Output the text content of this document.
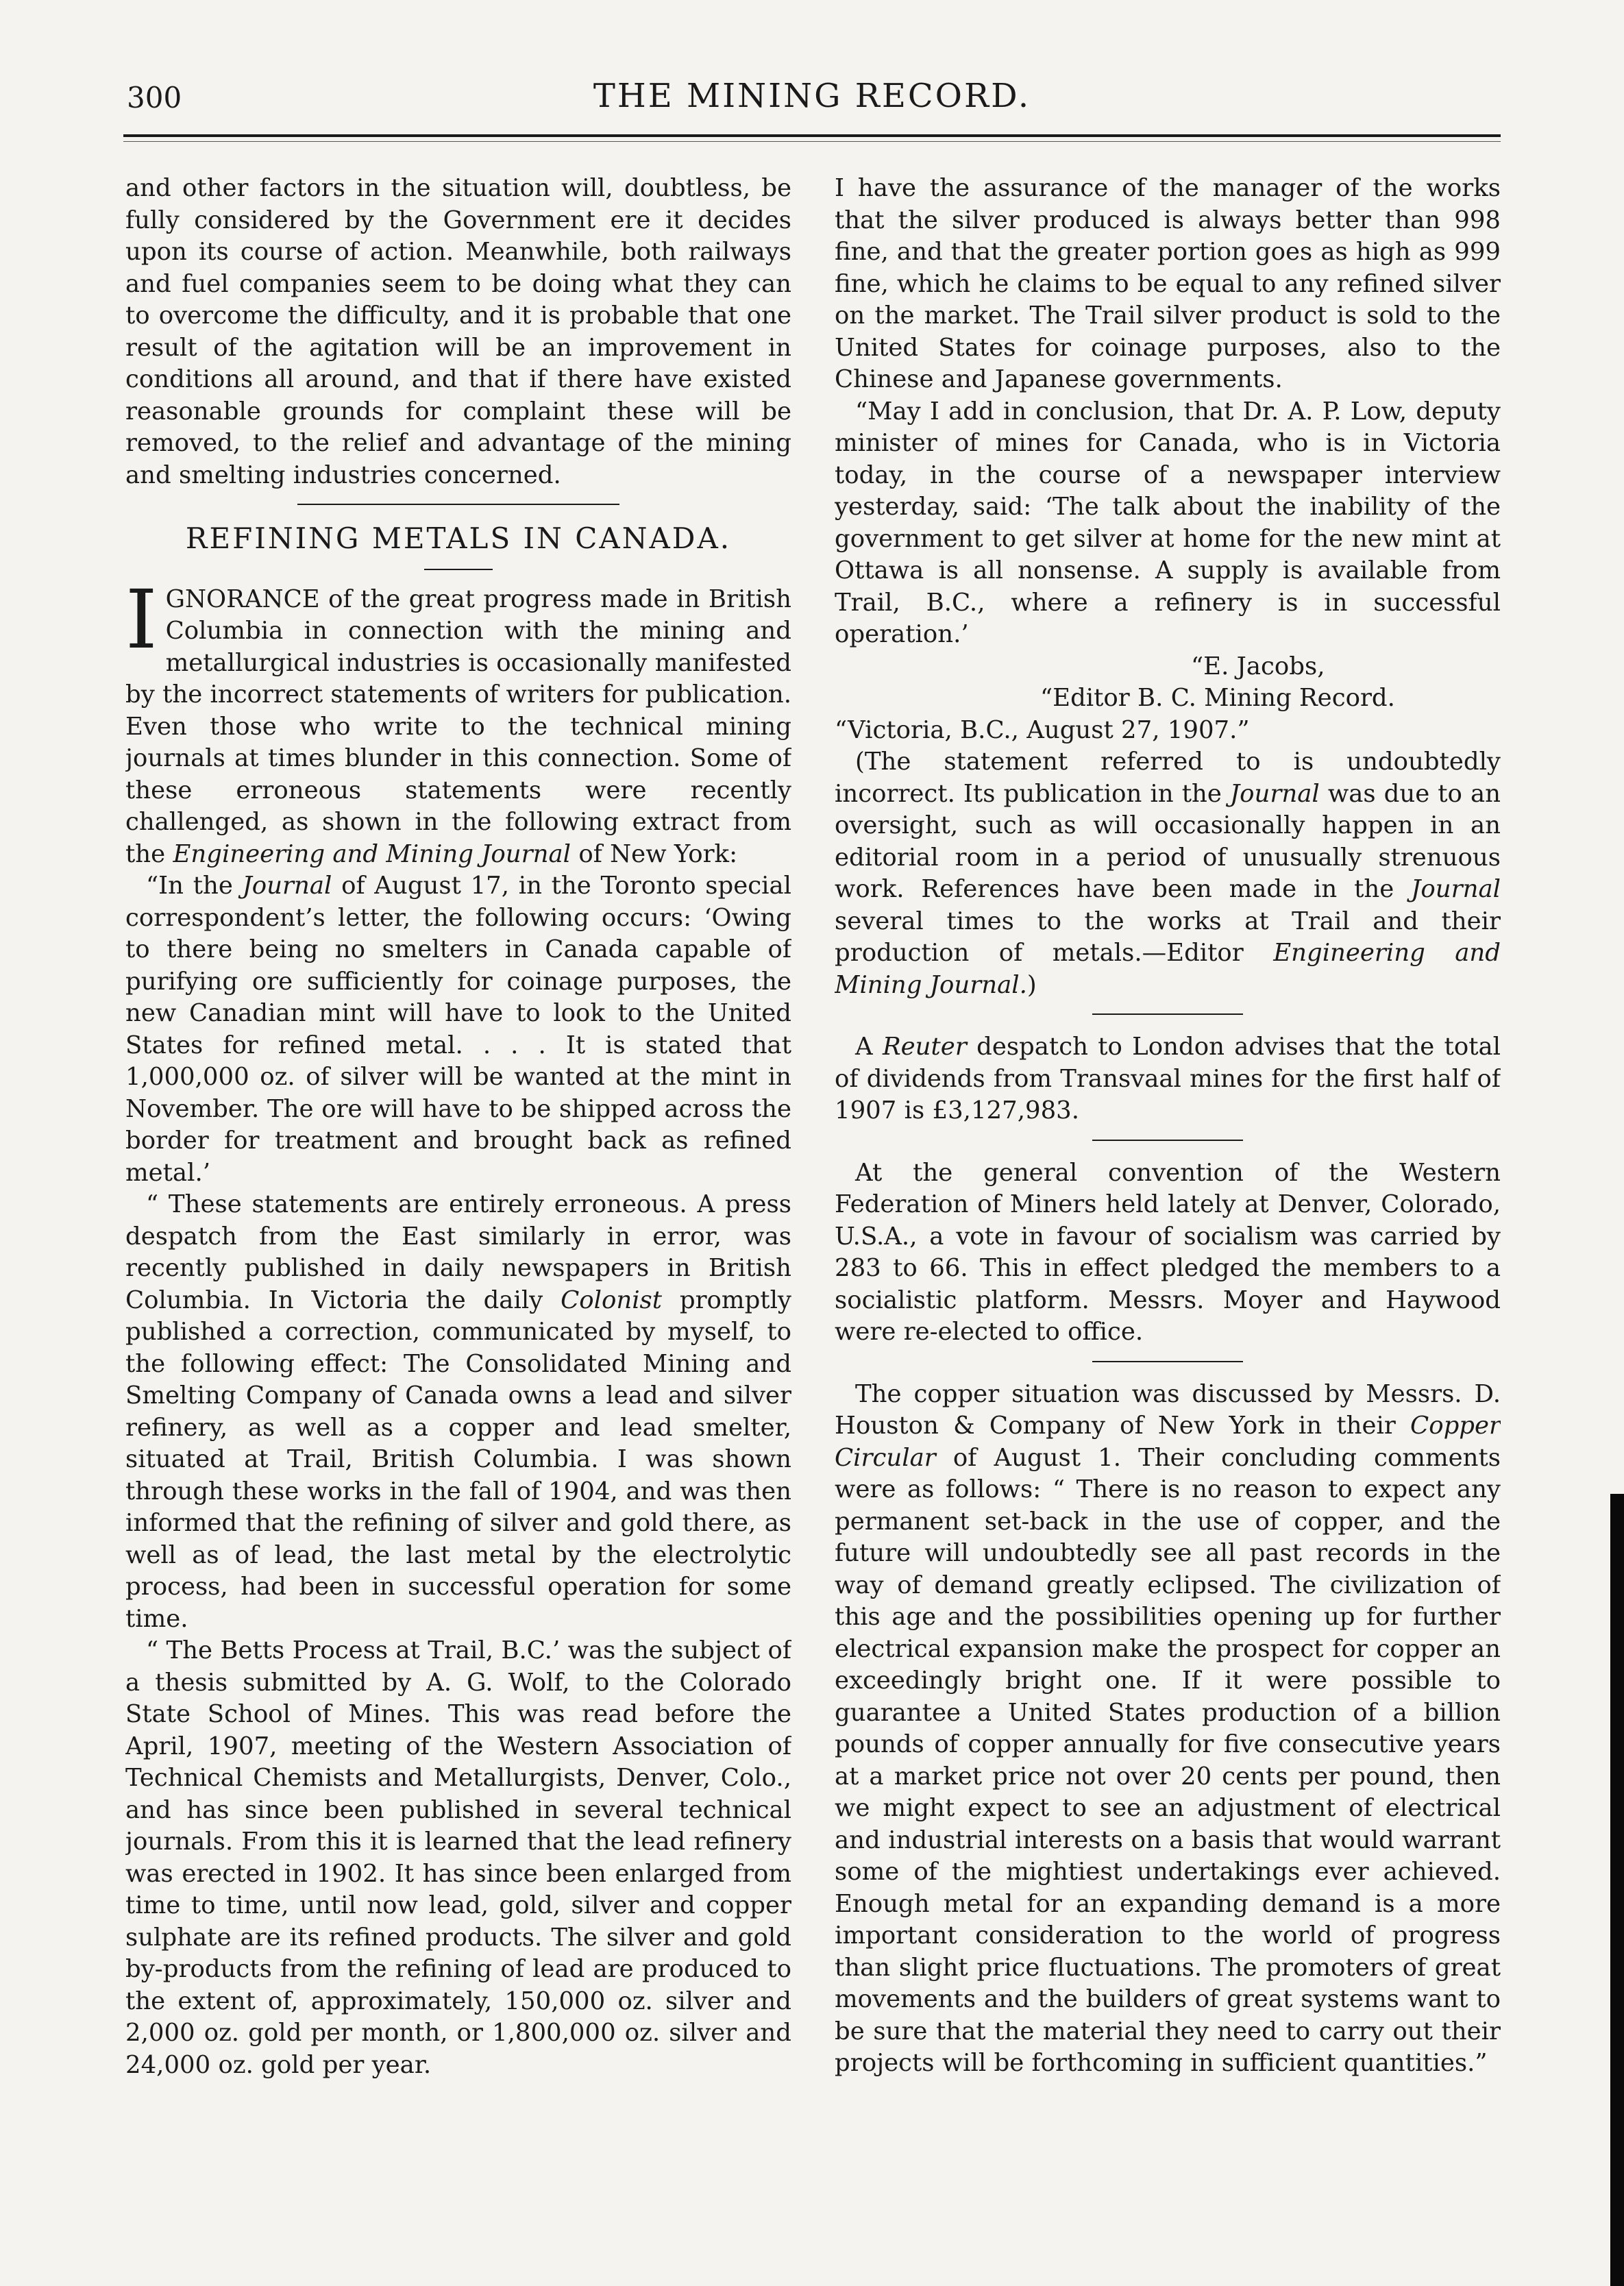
300	THE MINING RECORD.

and other factors in the situation will, doubtless, be fully considered by the Government ere it decides upon its course of action. Meanwhile, both railways and fuel companies seem to be doing what they can to overcome the difficulty, and it is probable that one result of the agitation will be an improvement in conditions all around, and that if there have existed reasonable grounds for complaint these will be removed, to the relief and advantage of the mining and smelting industries concerned.

REFINING METALS IN CANADA.

IGNORANCE of the great progress made in British Columbia in connection with the mining and metallurgical industries is occasionally manifested by the incorrect statements of writers for publication. Even those who write to the technical mining journals at times blunder in this connection. Some of these erroneous statements were recently challenged, as shown in the following extract from the Engineering and Mining Journal of New York:

“In the Journal of August 17, in the Toronto special correspondent’s letter, the following occurs: ‘Owing to there being no smelters in Canada capable of purifying ore sufficiently for coinage purposes, the new Canadian mint will have to look to the United States for refined metal. . . . It is stated that 1,000,000 oz. of silver will be wanted at the mint in November. The ore will have to be shipped across the border for treatment and brought back as refined metal.’

“ These statements are entirely erroneous. A press despatch from the East similarly in error, was recently published in daily newspapers in British Columbia. In Victoria the daily Colonist promptly published a correction, communicated by myself, to the following effect: The Consolidated Mining and Smelting Company of Canada owns a lead and silver refinery, as well as a copper and lead smelter, situated at Trail, British Columbia. I was shown through these works in the fall of 1904, and was then informed that the refining of silver and gold there, as well as of lead, the last metal by the electrolytic process, had been in successful operation for some time.

“ The Betts Process at Trail, B.C.’ was the subject of a thesis submitted by A. G. Wolf, to the Colorado State School of Mines. This was read before the April, 1907, meeting of the Western Association of Technical Chemists and Metallurgists, Denver, Colo., and has since been published in several technical journals. From this it is learned that the lead refinery was erected in 1902. It has since been enlarged from time to time, until now lead, gold, silver and copper sulphate are its refined products. The silver and gold by-products from the refining of lead are produced to the extent of, approximately, 150,000 oz. silver and 2,000 oz. gold per month, or 1,800,000 oz. silver and 24,000 oz. gold per year.

I have the assurance of the manager of the works that the silver produced is always better than 998 fine, and that the greater portion goes as high as 999 fine, which he claims to be equal to any refined silver on the market. The Trail silver product is sold to the United States for coinage purposes, also to the Chinese and Japanese governments.

“May I add in conclusion, that Dr. A. P. Low, deputy minister of mines for Canada, who is in Victoria today, in the course of a newspaper interview yesterday, said: ‘The talk about the inability of the government to get silver at home for the new mint at Ottawa is all nonsense. A supply is available from Trail, B.C., where a refinery is in successful operation.’

“E. Jacobs,

“Editor B. C. Mining Record.

“Victoria, B.C., August 27, 1907.”

(The statement referred to is undoubtedly incorrect. Its publication in the Journal was due to an oversight, such as will occasionally happen in an editorial room in a period of unusually strenuous work. References have been made in the Journal several times to the works at Trail and their production of metals.—Editor Engineering and Mining Journal.)

A Reuter despatch to London advises that the total of dividends from Transvaal mines for the first half of 1907 is £3,127,983.

At the general convention of the Western Federation of Miners held lately at Denver, Colorado, U.S.A., a vote in favour of socialism was carried by 283 to 66. This in effect pledged the members to a socialistic platform. Messrs. Moyer and Haywood were re-elected to office.

The copper situation was discussed by Messrs. D. Houston & Company of New York in their Copper Circular of August 1. Their concluding comments were as follows: “ There is no reason to expect any permanent set-back in the use of copper, and the future will undoubtedly see all past records in the way of demand greatly eclipsed. The civilization of this age and the possibilities opening up for further electrical expansion make the prospect for copper an exceedingly bright one. If it were possible to guarantee a United States production of a billion pounds of copper annually for five consecutive years at a market price not over 20 cents per pound, then we might expect to see an adjustment of electrical and industrial interests on a basis that would warrant some of the mightiest undertakings ever achieved. Enough metal for an expanding demand is a more important consideration to the world of progress than slight price fluctuations. The promoters of great movements and the builders of great systems want to be sure that the material they need to carry out their projects will be forthcoming in sufficient quantities.”
